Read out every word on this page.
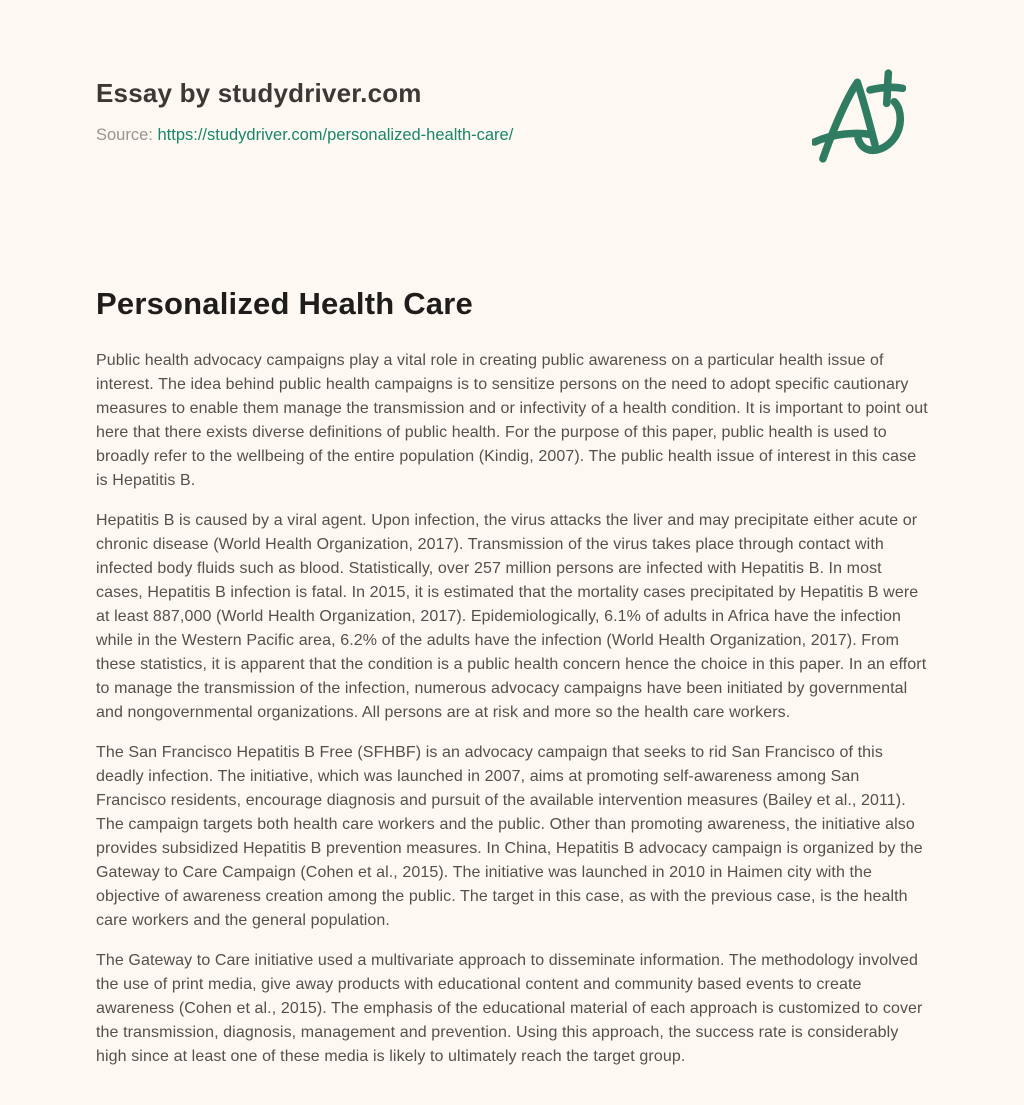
Essay by studydriver.com
Source: https://studydriver.com/personalized-health-care/
Personalized Health Care

Public health advocacy campaigns play a vital role in creating public awareness on a particular health issue of interest. The idea behind public health campaigns is to sensitize persons on the need to adopt specific cautionary measures to enable them manage the transmission and or infectivity of a health condition. It is important to point out here that there exists diverse definitions of public health. For the purpose of this paper, public health is used to broadly refer to the wellbeing of the entire population (Kindig, 2007). The public health issue of interest in this case is Hepatitis B.

Hepatitis B is caused by a viral agent. Upon infection, the virus attacks the liver and may precipitate either acute or chronic disease (World Health Organization, 2017). Transmission of the virus takes place through contact with infected body fluids such as blood. Statistically, over 257 million persons are infected with Hepatitis B. In most cases, Hepatitis B infection is fatal. In 2015, it is estimated that the mortality cases precipitated by Hepatitis B were at least 887,000 (World Health Organization, 2017). Epidemiologically, 6.1% of adults in Africa have the infection while in the Western Pacific area, 6.2% of the adults have the infection (World Health Organization, 2017). From these statistics, it is apparent that the condition is a public health concern hence the choice in this paper. In an effort to manage the transmission of the infection, numerous advocacy campaigns have been initiated by governmental and nongovernmental organizations. All persons are at risk and more so the health care workers.

The San Francisco Hepatitis B Free (SFHBF) is an advocacy campaign that seeks to rid San Francisco of this deadly infection. The initiative, which was launched in 2007, aims at promoting self-awareness among San Francisco residents, encourage diagnosis and pursuit of the available intervention measures (Bailey et al., 2011). The campaign targets both health care workers and the public. Other than promoting awareness, the initiative also provides subsidized Hepatitis B prevention measures. In China, Hepatitis B advocacy campaign is organized by the Gateway to Care Campaign (Cohen et al., 2015). The initiative was launched in 2010 in Haimen city with the objective of awareness creation among the public. The target in this case, as with the previous case, is the health care workers and the general population.

The Gateway to Care initiative used a multivariate approach to disseminate information. The methodology involved the use of print media, give away products with educational content and community based events to create awareness (Cohen et al., 2015). The emphasis of the educational material of each approach is customized to cover the transmission, diagnosis, management and prevention. Using this approach, the success rate is considerably high since at least one of these media is likely to ultimately reach the target group.
